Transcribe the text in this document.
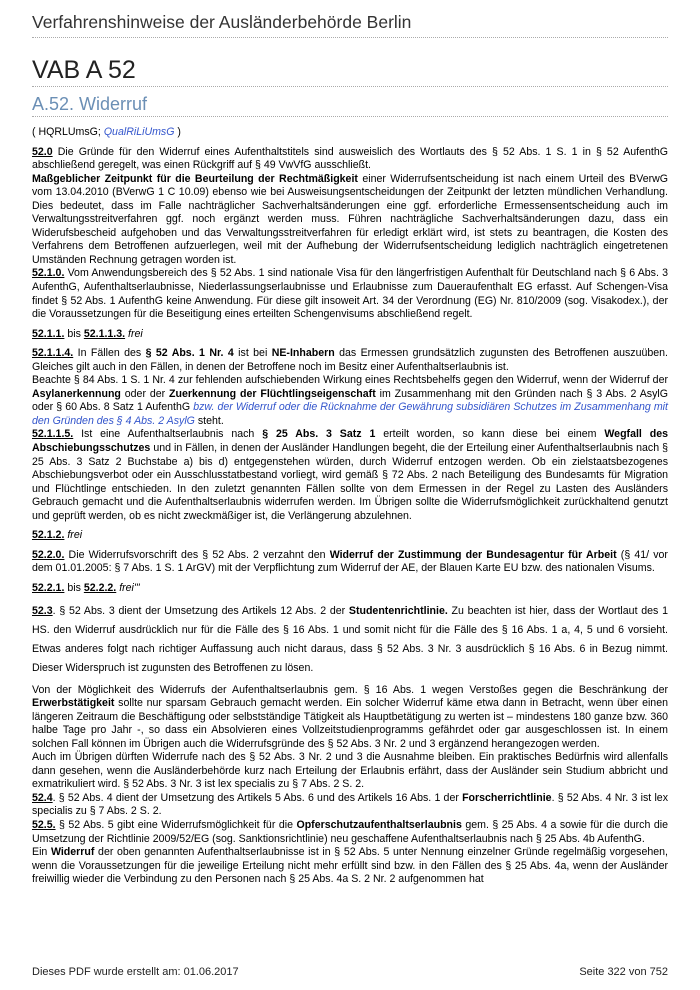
Verfahrenshinweise der Ausländerbehörde Berlin
VAB A 52
A.52. Widerruf

( HQRLUmsG; QualRiLiUmsG )

52.0 Die Gründe für den Widerruf eines Aufenthaltstitels sind ausweislich des Wortlauts des § 52 Abs. 1 S. 1 in § 52 AufenthG abschließend geregelt, was einen Rückgriff auf § 49 VwVfG ausschließt.

Maßgeblicher Zeitpunkt für die Beurteilung der Rechtmäßigkeit einer Widerrufsentscheidung ist nach einem Urteil des BVerwG vom 13.04.2010 (BVerwG 1 C 10.09) ebenso wie bei Ausweisungsentscheidungen der Zeitpunkt der letzten mündlichen Verhandlung. Dies bedeutet, dass im Falle nachträglicher Sachverhaltsänderungen eine ggf. erforderliche Ermessensentscheidung auch im Verwaltungsstreitverfahren ggf. noch ergänzt werden muss. Führen nachträgliche Sachverhaltsänderungen dazu, dass ein Widerufsbescheid aufgehoben und das Verwaltungsstreitverfahren für erledigt erklärt wird, ist stets zu beantragen, die Kosten des Verfahrens dem Betroffenen aufzuerlegen, weil mit der Aufhebung der Widerrufsentscheidung lediglich nachträglich eingetretenen Umständen Rechnung getragen worden ist.

52.1.0. Vom Anwendungsbereich des § 52 Abs. 1 sind nationale Visa für den längerfristigen Aufenthalt für Deutschland nach § 6 Abs. 3 AufenthG, Aufenthaltserlaubnisse, Niederlassungserlaubnisse und Erlaubnisse zum Daueraufenthalt EG erfasst. Auf Schengen-Visa findet § 52 Abs. 1 AufenthG keine Anwendung. Für diese gilt insoweit Art. 34 der Verordnung (EG) Nr. 810/2009 (sog. Visakodex.), der die Voraussetzungen für die Beseitigung eines erteilten Schengenvisums abschließend regelt.

52.1.1. bis 52.1.1.3. frei

52.1.1.4. In Fällen des § 52 Abs. 1 Nr. 4 ist bei NE-Inhabern das Ermessen grundsätzlich zugunsten des Betroffenen auszuüben. Gleiches gilt auch in den Fällen, in denen der Betroffene noch im Besitz einer Aufenthaltserlaubnis ist.

Beachte § 84 Abs. 1 S. 1 Nr. 4 zur fehlenden aufschiebenden Wirkung eines Rechtsbehelfs gegen den Widerruf, wenn der Widerruf der Asylanerkennung oder der Zuerkennung der Flüchtlingseigenschaft im Zusammenhang mit den Gründen nach § 3 Abs. 2 AsylG oder § 60 Abs. 8 Satz 1 AufenthG bzw. der Widerruf oder die Rücknahme der Gewährung subsidiären Schutzes im Zusammenhang mit den Gründen des § 4 Abs. 2 AsylG steht.

52.1.1.5. Ist eine Aufenthaltserlaubnis nach § 25 Abs. 3 Satz 1 erteilt worden, so kann diese bei einem Wegfall des Abschiebungsschutzes und in Fällen, in denen der Ausländer Handlungen begeht, die der Erteilung einer Aufenthaltserlaubnis nach § 25 Abs. 3 Satz 2 Buchstabe a) bis d) entgegenstehen würden, durch Widerruf entzogen werden. Ob ein zielstaatsbezogenes Abschiebungsverbot oder ein Ausschlusstatbestand vorliegt, wird gemäß § 72 Abs. 2 nach Beteiligung des Bundesamts für Migration und Flüchtlinge entschieden. In den zuletzt genannten Fällen sollte von dem Ermessen in der Regel zu Lasten des Ausländers Gebrauch gemacht und die Aufenthaltserlaubnis widerrufen werden. Im Übrigen sollte die Widerrufsmöglichkeit zurückhaltend genutzt und geprüft werden, ob es nicht zweckmäßiger ist, die Verlängerung abzulehnen.

52.1.2. frei

52.2.0. Die Widerrufsvorschrift des § 52 Abs. 2 verzahnt den Widerruf der Zustimmung der Bundesagentur für Arbeit (§ 41/ vor dem 01.01.2005: § 7 Abs. 1 S. 1 ArGV) mit der Verpflichtung zum Widerruf der AE, der Blauen Karte EU bzw. des nationalen Visums.

52.2.1. bis 52.2.2. frei'"

52.3. § 52 Abs. 3 dient der Umsetzung des Artikels 12 Abs. 2 der Studentenrichtlinie. Zu beachten ist hier, dass der Wortlaut des 1 HS. den Widerruf ausdrücklich nur für die Fälle des § 16 Abs. 1 und somit nicht für die Fälle des § 16 Abs. 1 a, 4, 5 und 6 vorsieht. Etwas anderes folgt nach richtiger Auffassung auch nicht daraus, dass § 52 Abs. 3 Nr. 3 ausdrücklich § 16 Abs. 6 in Bezug nimmt. Dieser Widerspruch ist zugunsten des Betroffenen zu lösen.

Von der Möglichkeit des Widerrufs der Aufenthaltserlaubnis gem. § 16 Abs. 1 wegen Verstoßes gegen die Beschränkung der Erwerbstätigkeit sollte nur sparsam Gebrauch gemacht werden. Ein solcher Widerruf käme etwa dann in Betracht, wenn über einen längeren Zeitraum die Beschäftigung oder selbstständige Tätigkeit als Hauptbetätigung zu werten ist – mindestens 180 ganze bzw. 360 halbe Tage pro Jahr -, so dass ein Absolvieren eines Vollzeitstudienprogramms gefährdet oder gar ausgeschlossen ist. In einem solchen Fall können im Übrigen auch die Widerrufsgründe des § 52 Abs. 3 Nr. 2 und 3 ergänzend herangezogen werden.

Auch im Übrigen dürften Widerrufe nach des § 52 Abs. 3 Nr. 2 und 3 die Ausnahme bleiben. Ein praktisches Bedürfnis wird allenfalls dann gesehen, wenn die Ausländerbehörde kurz nach Erteilung der Erlaubnis erfährt, dass der Ausländer sein Studium abbricht und exmatrikuliert wird. § 52 Abs. 3 Nr. 3 ist lex specialis zu § 7 Abs. 2 S. 2.

52.4. § 52 Abs. 4 dient der Umsetzung des Artikels 5 Abs. 6 und des Artikels 16 Abs. 1 der Forscherrichtlinie. § 52 Abs. 4 Nr. 3 ist lex specialis zu § 7 Abs. 2 S. 2.

52.5. § 52 Abs. 5 gibt eine Widerrufsmöglichkeit für die Opferschutzaufenthaltserlaubnis gem. § 25 Abs. 4 a sowie für die durch die Umsetzung der Richtlinie 2009/52/EG (sog. Sanktionsrichtlinie) neu geschaffene Aufenthaltserlaubnis nach § 25 Abs. 4b AufenthG.

Ein Widerruf der oben genannten Aufenthaltserlaubnisse ist in § 52 Abs. 5 unter Nennung einzelner Gründe regelmäßig vorgesehen, wenn die Voraussetzungen für die jeweilige Erteilung nicht mehr erfüllt sind bzw. in den Fällen des § 25 Abs. 4a, wenn der Ausländer freiwillig wieder die Verbindung zu den Personen nach § 25 Abs. 4a S. 2 Nr. 2 aufgenommen hat

Dieses PDF wurde erstellt am: 01.06.2017	Seite 322 von 752
